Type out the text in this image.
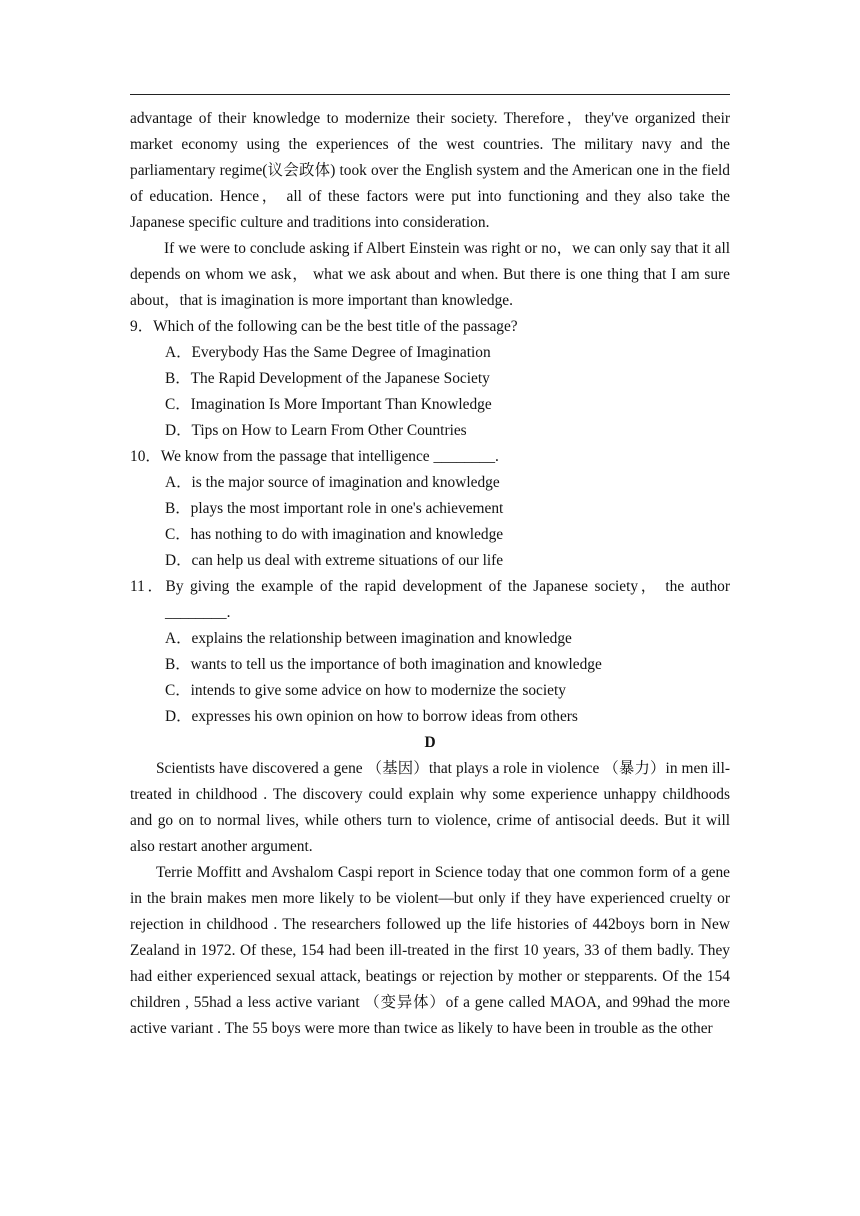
advantage of their knowledge to modernize their society. Therefore，they've organized their market economy using the experiences of the west countries. The military navy and the parliamentary regime(议会政体) took over the English system and the American one in the field of education. Hence， all of these factors were put into functioning and they also take the Japanese specific culture and traditions into consideration.

If we were to conclude asking if Albert Einstein was right or no，we can only say that it all depends on whom we ask， what we ask about and when. But there is one thing that I am sure about，that is imagination is more important than knowledge.

9．Which of the following can be the best title of the passage?

A．Everybody Has the Same Degree of Imagination

B．The Rapid Development of the Japanese Society

C．Imagination Is More Important Than Knowledge

D．Tips on How to Learn From Other Countries

10．We know from the passage that intelligence ________.

A．is the major source of imagination and knowledge

B．plays the most important role in one's achievement

C．has nothing to do with imagination and knowledge

D．can help us deal with extreme situations of our life

11．By giving the example of the rapid development of the Japanese society， the author ________.

A．explains the relationship between imagination and knowledge

B．wants to tell us the importance of both imagination and knowledge

C．intends to give some advice on how to modernize the society

D．expresses his own opinion on how to borrow ideas from others

D

Scientists have discovered a gene （基因）that plays a role in violence （暴力）in men ill-treated in childhood . The discovery could explain why some experience unhappy childhoods and go on to normal lives, while others turn to violence, crime of antisocial deeds. But it will also restart another argument.

Terrie Moffitt and Avshalom Caspi report in Science today that one common form of a gene in the brain makes men more likely to be violent—but only if they have experienced cruelty or rejection in childhood . The researchers followed up the life histories of 442boys born in New Zealand in 1972. Of these, 154 had been ill-treated in the first 10 years, 33 of them badly. They had either experienced sexual attack, beatings or rejection by mother or stepparents. Of the 154 children , 55had a less active variant （变异体）of a gene called MAOA, and 99had the more active variant . The 55 boys were more than twice as likely to have been in trouble as the other
